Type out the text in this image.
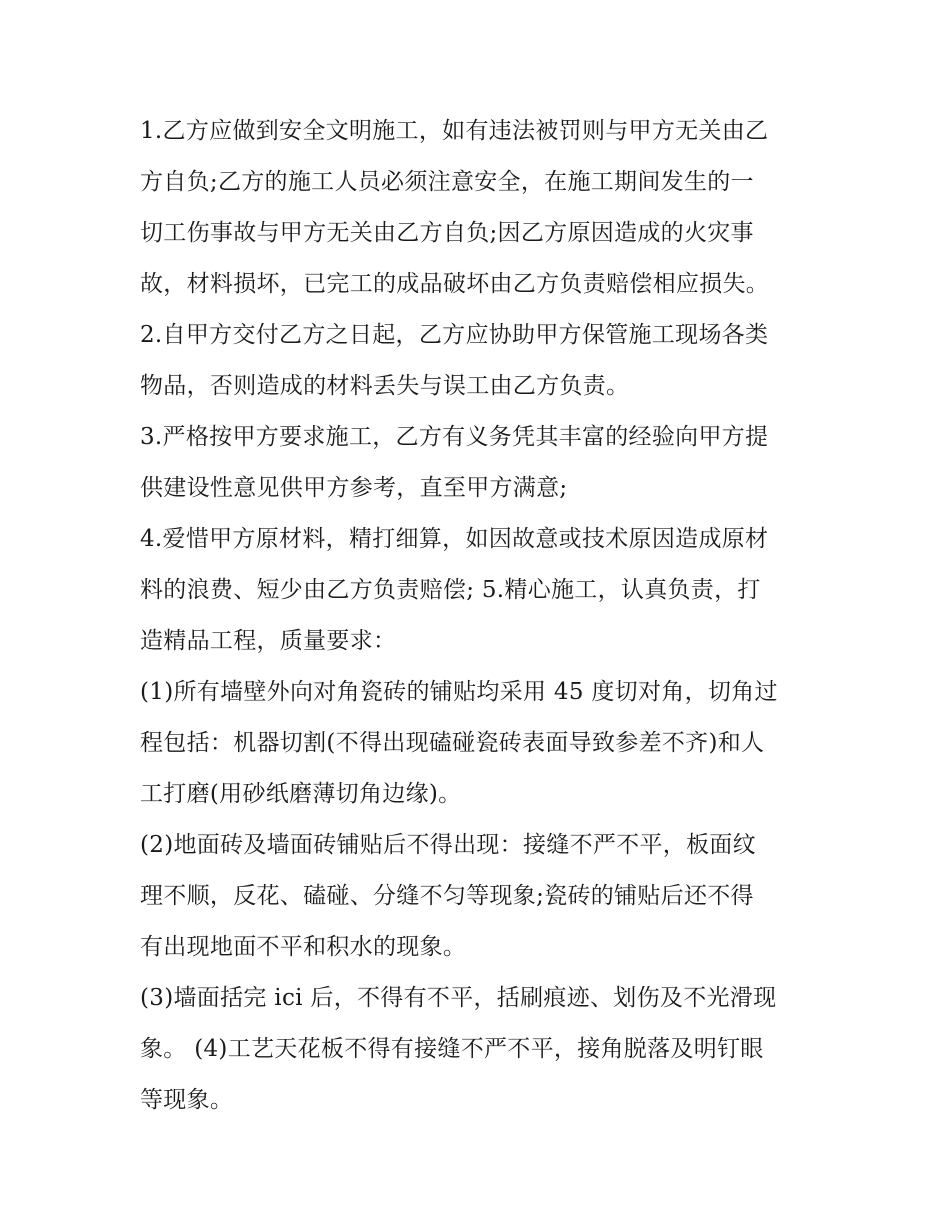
1.乙方应做到安全文明施工，如有违法被罚则与甲方无关由乙
方自负;乙方的施工人员必须注意安全，在施工期间发生的一
切工伤事故与甲方无关由乙方自负;因乙方原因造成的火灾事
故，材料损坏，已完工的成品破坏由乙方负责赔偿相应损失。
2.自甲方交付乙方之日起，乙方应协助甲方保管施工现场各类
物品，否则造成的材料丢失与误工由乙方负责。
3.严格按甲方要求施工，乙方有义务凭其丰富的经验向甲方提
供建设性意见供甲方参考，直至甲方满意;
4.爱惜甲方原材料，精打细算，如因故意或技术原因造成原材
料的浪费、短少由乙方负责赔偿; 5.精心施工，认真负责，打
造精品工程，质量要求：
(1)所有墙壁外向对角瓷砖的铺贴均采用 45 度切对角，切角过
程包括：机器切割(不得出现磕碰瓷砖表面导致参差不齐)和人
工打磨(用砂纸磨薄切角边缘)。
(2)地面砖及墙面砖铺贴后不得出现：接缝不严不平，板面纹
理不顺，反花、磕碰、分缝不匀等现象;瓷砖的铺贴后还不得
有出现地面不平和积水的现象。
(3)墙面括完 ici 后，不得有不平，括刷痕迹、划伤及不光滑现
象。 (4)工艺天花板不得有接缝不严不平，接角脱落及明钉眼
等现象。
